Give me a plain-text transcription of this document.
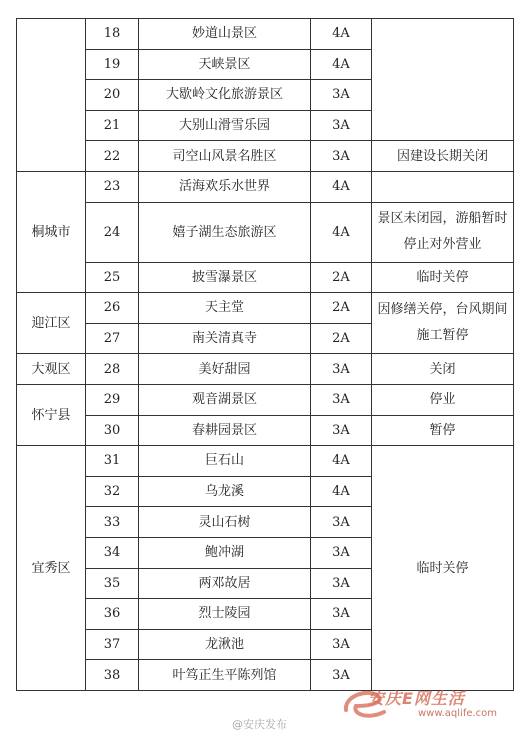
	18	妙道山景区	4A	
	19	天峡景区	4A	
	20	大歇岭文化旅游景区	3A	
	21	大别山滑雪乐园	3A	
	22	司空山风景名胜区	3A	因建设长期关闭
桐城市	23	活海欢乐水世界	4A	
	24	嬉子湖生态旅游区	4A	景区未闭园，游船暂时停止对外营业
	25	披雪瀑景区	2A	临时关停
迎江区	26	天主堂	2A	因修缮关停，台风期间施工暂停
	27	南关清真寺	2A	
大观区	28	美好甜园	3A	关闭
怀宁县	29	观音湖景区	3A	停业
	30	春耕园景区	3A	暂停
宜秀区	31	巨石山	4A	临时关停
	32	乌龙溪	4A	
	33	灵山石树	3A	
	34	鲍冲湖	3A	
	35	两邓故居	3A	
	36	烈士陵园	3A	
	37	龙湫池	3A	
	38	叶笃正生平陈列馆	3A	
安庆E网生活
www.aqlife.com
@安庆发布
